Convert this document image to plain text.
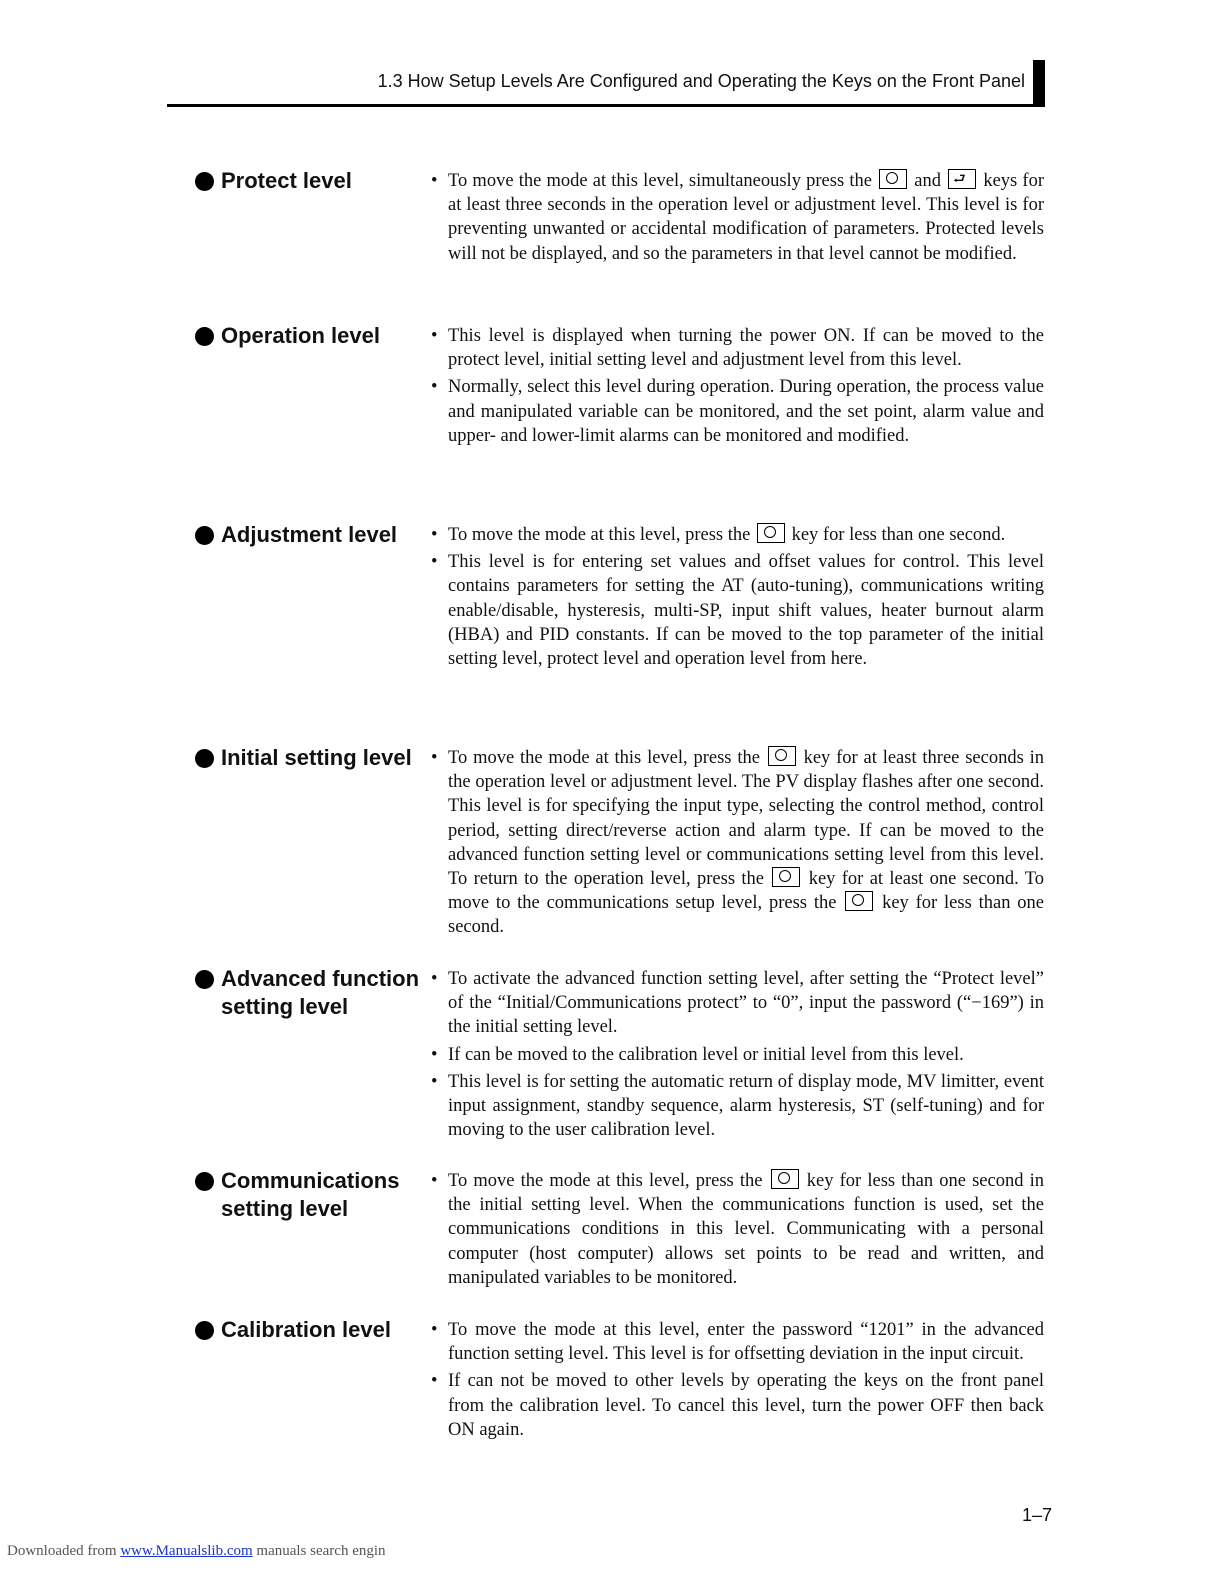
1.3 How Setup Levels Are Configured and Operating the Keys on the Front Panel
Protect level	• To move the mode at this level, simultaneously press the
and ⮐ keys for at least three seconds in the operation level or adjustment level. This level is for preventing unwanted or accidental modification of parameters. Protected levels will not be displayed, and so the parameters in that level cannot be modified.
Operation level	• This level is displayed when turning the power ON. If can be moved to the protect level, initial setting level and adjustment level from this level.
• Normally, select this level during operation. During operation, the process value and manipulated variable can be monitored, and the set point, alarm value and upper- and lower-limit alarms can be monitored and modified.
Adjustment level • To move the mode at this level, press the
key for less than one second.
• This level is for entering set values and offset values for control. This level contains parameters for setting the AT (auto-tuning), communications writing enable/disable, hysteresis, multi-SP, input shift values, heater burnout alarm (HBA) and PID constants. If can be moved to the top parameter of the initial setting level, protect level and operation level from here.
Initial setting level • To move the mode at this level, press the
key for at least three seconds in the operation level or adjustment level. The PV display flashes after one second. This level is for specifying the input type, selecting the control method, control period, setting direct/reverse action and alarm type. If can be moved to the advanced function setting level or communications setting level from this level. To return to the operation level, press the
key for at least one second. To move to the communications setup level, press the
key for less than one second.
Advanced function setting level
• To activate the advanced function setting level, after setting the “Protect level” of the “Initial/Communications protect” to “0”, input the password (“−169”) in the initial setting level.
• If can be moved to the calibration level or initial level from this level.
• This level is for setting the automatic return of display mode, MV limitter, event input assignment, standby sequence, alarm hysteresis, ST (self-tuning) and for moving to the user calibration level.
Communications setting level
• To move the mode at this level, press the
key for less than one second in the initial setting level. When the communications function is used, set the communications conditions in this level. Communicating with a personal computer (host computer) allows set points to be read and written, and manipulated variables to be monitored.
Calibration level • To move the mode at this level, enter the password “1201” in the advanced function setting level. This level is for offsetting deviation in the input circuit.
• If can not be moved to other levels by operating the keys on the front panel from the calibration level. To cancel this level, turn the power OFF then back ON again.
1–7
Downloaded from www.Manualslib.com manuals search engin
